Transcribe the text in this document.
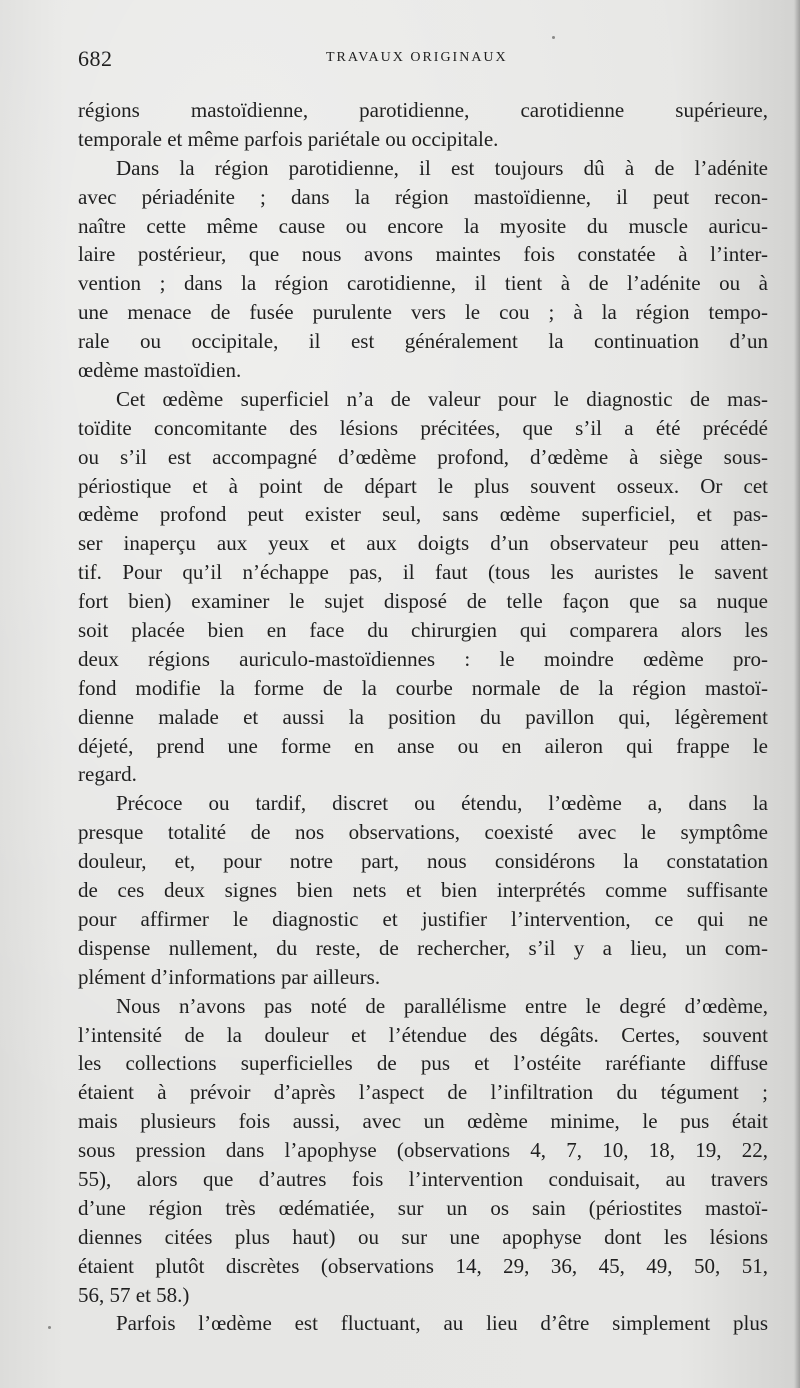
682	TRAVAUX ORIGINAUX
régions mastoïdienne, parotidienne, carotidienne supérieure,
temporale et même parfois pariétale ou occipitale.
Dans la région parotidienne, il est toujours dû à de l’adénite
avec périadénite ; dans la région mastoïdienne, il peut recon-
naître cette même cause ou encore la myosite du muscle auricu-
laire postérieur, que nous avons maintes fois constatée à l’inter-
vention ; dans la région carotidienne, il tient à de l’adénite ou à
une menace de fusée purulente vers le cou ; à la région tempo-
rale ou occipitale, il est généralement la continuation d’un
œdème mastoïdien.
Cet œdème superficiel n’a de valeur pour le diagnostic de mas-
toïdite concomitante des lésions précitées, que s’il a été précédé
ou s’il est accompagné d’œdème profond, d’œdème à siège sous-
périostique et à point de départ le plus souvent osseux. Or cet
œdème profond peut exister seul, sans œdème superficiel, et pas-
ser inaperçu aux yeux et aux doigts d’un observateur peu atten-
tif. Pour qu’il n’échappe pas, il faut (tous les auristes le savent
fort bien) examiner le sujet disposé de telle façon que sa nuque
soit placée bien en face du chirurgien qui comparera alors les
deux régions auriculo-mastoïdiennes : le moindre œdème pro-
fond modifie la forme de la courbe normale de la région mastoï-
dienne malade et aussi la position du pavillon qui, légèrement
déjeté, prend une forme en anse ou en aileron qui frappe le
regard.
Précoce ou tardif, discret ou étendu, l’œdème a, dans la
presque totalité de nos observations, coexisté avec le symptôme
douleur, et, pour notre part, nous considérons la constatation
de ces deux signes bien nets et bien interprétés comme suffisante
pour affirmer le diagnostic et justifier l’intervention, ce qui ne
dispense nullement, du reste, de rechercher, s’il y a lieu, un com-
plément d’informations par ailleurs.
Nous n’avons pas noté de parallélisme entre le degré d’œdème,
l’intensité de la douleur et l’étendue des dégâts. Certes, souvent
les collections superficielles de pus et l’ostéite raréfiante diffuse
étaient à prévoir d’après l’aspect de l’infiltration du tégument ;
mais plusieurs fois aussi, avec un œdème minime, le pus était
sous pression dans l’apophyse (observations 4, 7, 10, 18, 19, 22,
55), alors que d’autres fois l’intervention conduisait, au travers
d’une région très œdématiée, sur un os sain (périostites mastoï-
diennes citées plus haut) ou sur une apophyse dont les lésions
étaient plutôt discrètes (observations 14, 29, 36, 45, 49, 50, 51,
56, 57 et 58.)
Parfois l’œdème est fluctuant, au lieu d’être simplement plus
